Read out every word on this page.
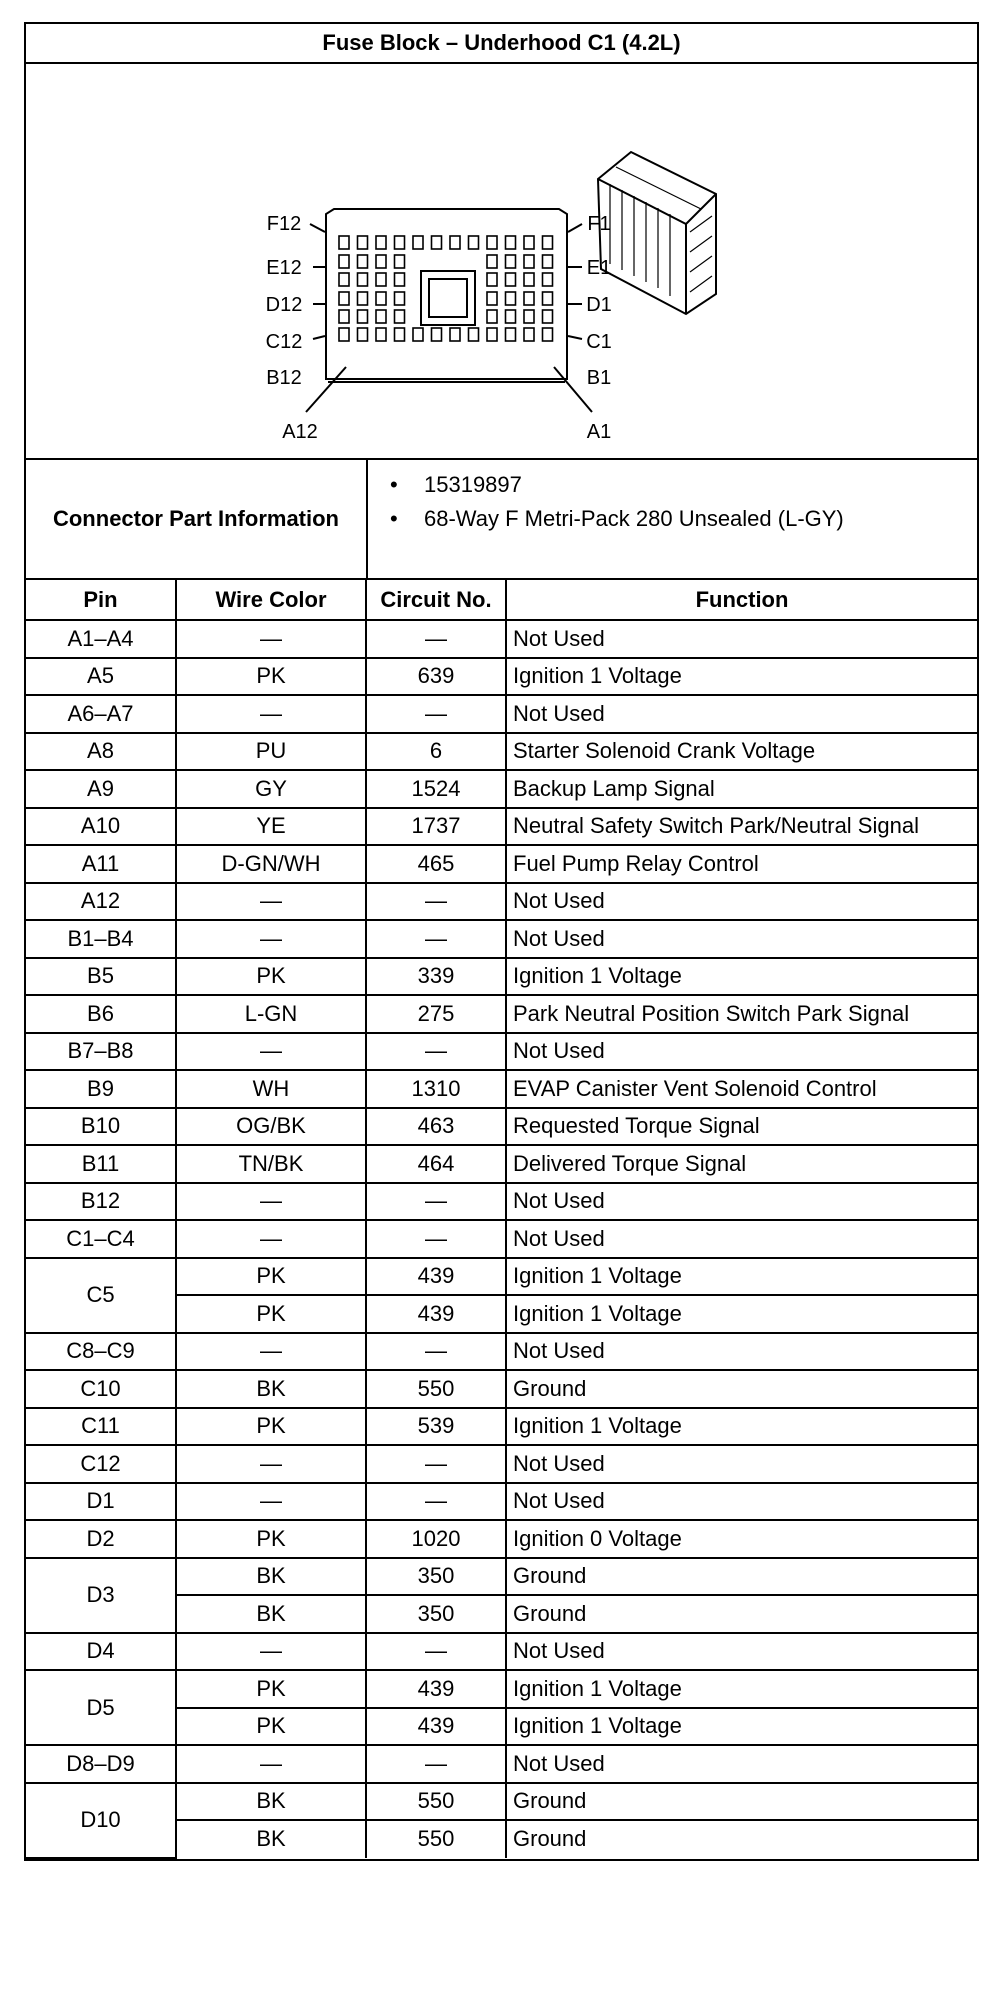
Fuse Block – Underhood C1 (4.2L)
F12
E12
D12
C12
B12
A12
F1
E1
D1
C1
B1
A1
Connector Part Information
• 15319897
• 68-Way F Metri-Pack 280 Unsealed (L-GY)
Pin	Wire Color	Circuit No.	Function
A1–A4	—	—	Not Used
A5	PK	639	Ignition 1 Voltage
A6–A7	—	—	Not Used
A8	PU	6	Starter Solenoid Crank Voltage
A9	GY	1524	Backup Lamp Signal
A10	YE	1737	Neutral Safety Switch Park/Neutral Signal
A11	D-GN/WH	465	Fuel Pump Relay Control
A12	—	—	Not Used
B1–B4	—	—	Not Used
B5	PK	339	Ignition 1 Voltage
B6	L-GN	275	Park Neutral Position Switch Park Signal
B7–B8	—	—	Not Used
B9	WH	1310	EVAP Canister Vent Solenoid Control
B10	OG/BK	463	Requested Torque Signal
B11	TN/BK	464	Delivered Torque Signal
B12	—	—	Not Used
C1–C4	—	—	Not Used
C5	PK	439	Ignition 1 Voltage
	PK	439	Ignition 1 Voltage
C8–C9	—	—	Not Used
C10	BK	550	Ground
C11	PK	539	Ignition 1 Voltage
C12	—	—	Not Used
D1	—	—	Not Used
D2	PK	1020	Ignition 0 Voltage
D3	BK	350	Ground
	BK	350	Ground
D4	—	—	Not Used
D5	PK	439	Ignition 1 Voltage
	PK	439	Ignition 1 Voltage
D8–D9	—	—	Not Used
D10	BK	550	Ground
	BK	550	Ground
